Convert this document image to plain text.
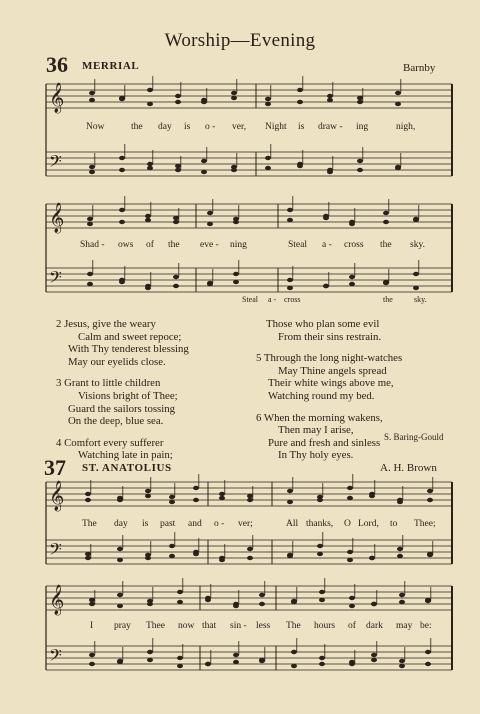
Worship—Evening
36 MERRIAL	Barnby
𝄞
𝄢
𝄞
𝄢
𝄞
𝄢
𝄞
𝄢
Now	the day is o - ver, Night is draw - ing	nigh,
Shad - ows of the eve - ning	Steal a - cross the sky.
Steal a - cross	the	sky.
2 Jesus, give the weary
Calm and sweet repoce;
With Thy tenderest blessing
May our eyelids close.
3 Grant to little children
Visions bright of Thee;
Guard the sailors tossing
On the deep, blue sea.
4 Comfort every sufferer
Watching late in pain;
Those who plan some evil
From their sins restrain.
5 Through the long night-watches
May Thine angels spread
Their white wings above me,
Watching round my bed.
6 When the morning wakens,
Then may I arise,
Pure and fresh and sinless
In Thy holy eyes.
S. Baring-Gould
37 ST. ANATOLIUS	A. H. Brown
The day is past and o - ver;	All thanks, O Lord, to Thee;
I pray Thee now that sin - less The hours of dark may be:
